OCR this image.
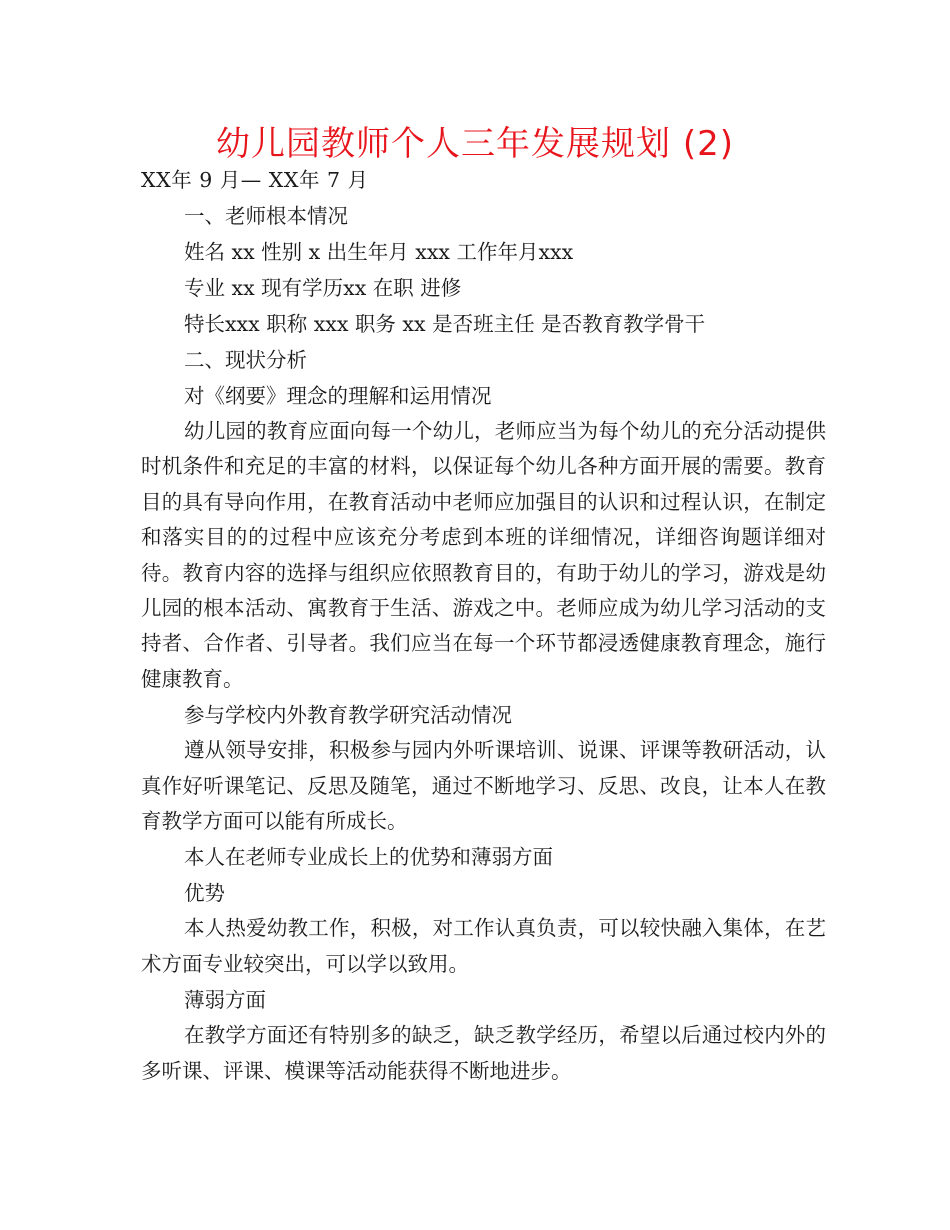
幼儿园教师个人三年发展规划 (2)

XX年 9 月— XX年 7 月

一、老师根本情况

姓名 xx 性别 x 出生年月 xxx 工作年月xxx

专业 xx 现有学历xx 在职 进修

特长xxx 职称 xxx 职务 xx 是否班主任 是否教育教学骨干

二、现状分析

对《纲要》理念的理解和运用情况

幼儿园的教育应面向每一个幼儿，老师应当为每个幼儿的充分活动提供时机条件和充足的丰富的材料，以保证每个幼儿各种方面开展的需要。教育目的具有导向作用，在教育活动中老师应加强目的认识和过程认识，在制定和落实目的的过程中应该充分考虑到本班的详细情况，详细咨询题详细对待。教育内容的选择与组织应依照教育目的，有助于幼儿的学习，游戏是幼儿园的根本活动、寓教育于生活、游戏之中。老师应成为幼儿学习活动的支持者、合作者、引导者。我们应当在每一个环节都浸透健康教育理念，施行健康教育。

参与学校内外教育教学研究活动情况

遵从领导安排，积极参与园内外听课培训、说课、评课等教研活动，认真作好听课笔记、反思及随笔，通过不断地学习、反思、改良，让本人在教育教学方面可以能有所成长。

本人在老师专业成长上的优势和薄弱方面

优势

本人热爱幼教工作，积极，对工作认真负责，可以较快融入集体，在艺术方面专业较突出，可以学以致用。

薄弱方面

在教学方面还有特别多的缺乏，缺乏教学经历，希望以后通过校内外的多听课、评课、模课等活动能获得不断地进步。
